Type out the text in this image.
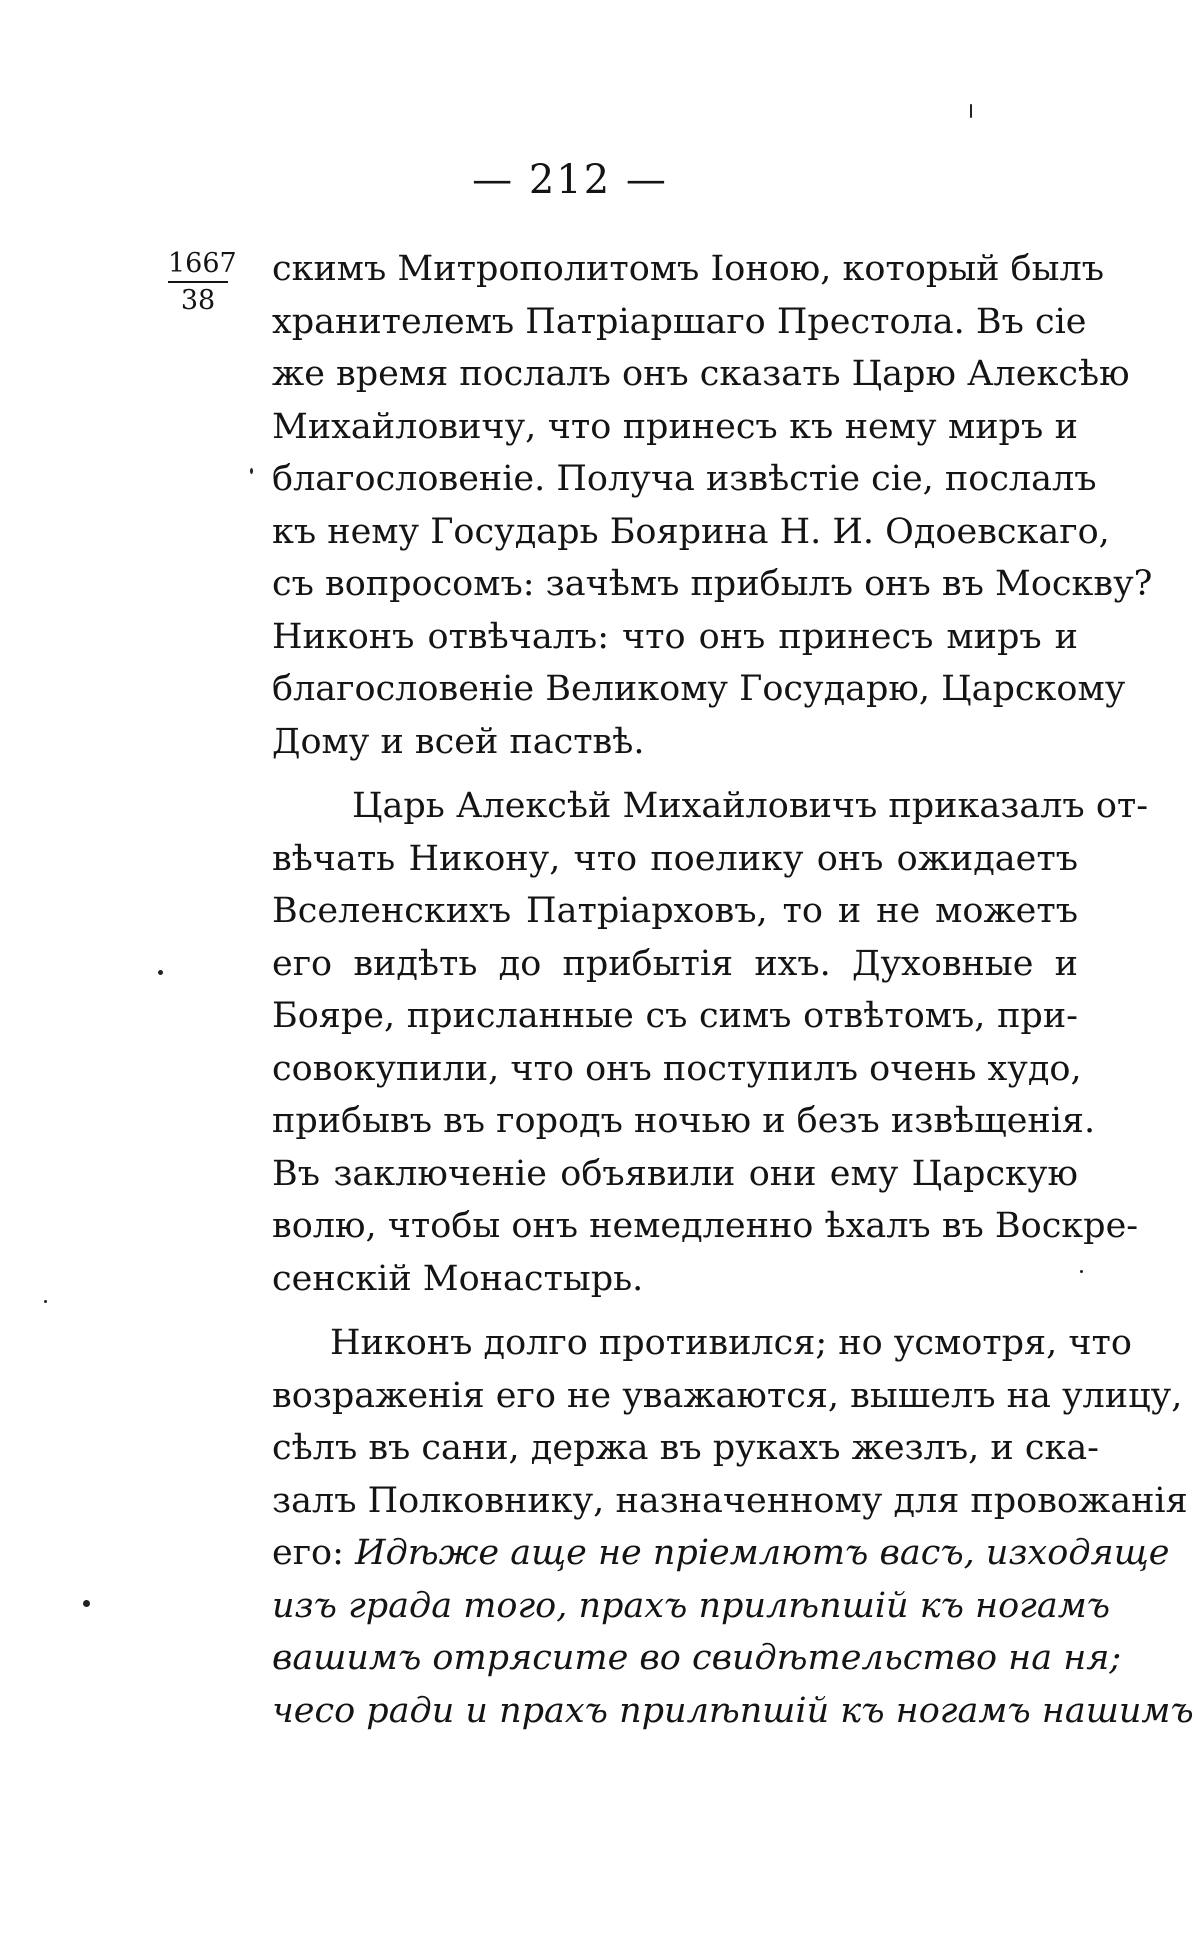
— 212 —
1667
38
скимъ Митрополитомъ Іоною, который былъ
хранителемъ Патріаршаго Престола. Въ сіе
же время послалъ онъ сказать Царю Алексѣю
Михайловичу, что принесъ къ нему миръ и
благословеніе. Получа извѣстіе сіе, послалъ
къ нему Государь Боярина Н. И. Одоевскаго,
съ вопросомъ: зачѣмъ прибылъ онъ въ Москву?
Никонъ отвѣчалъ: что онъ принесъ миръ и
благословеніе Великому Государю, Царскому
Дому и всей паствѣ.
Царь Алексѣй Михайловичъ приказалъ от-
вѣчать Никону, что поелику онъ ожидаетъ
Вселенскихъ Патріарховъ, то и не можетъ
его видѣть до прибытія ихъ. Духовные и
Бояре, присланные съ симъ отвѣтомъ, при-
совокупили, что онъ поступилъ очень худо,
прибывъ въ городъ ночью и безъ извѣщенія.
Въ заключеніе объявили они ему Царскую
волю, чтобы онъ немедленно ѣхалъ въ Воскре-
сенскій Монастырь.
Никонъ долго противился; но усмотря, что
возраженія его не уважаются, вышелъ на улицу,
сѣлъ въ сани, держа въ рукахъ жезлъ, и ска-
залъ Полковнику, назначенному для провожанія
его: Идѣже аще не пріемлютъ васъ, изходяще
изъ града того, прахъ прилѣпшій къ ногамъ
вашимъ отрясите во свидѣтельство на ня;
чесо ради и прахъ прилѣпшій къ ногамъ нашимъ
